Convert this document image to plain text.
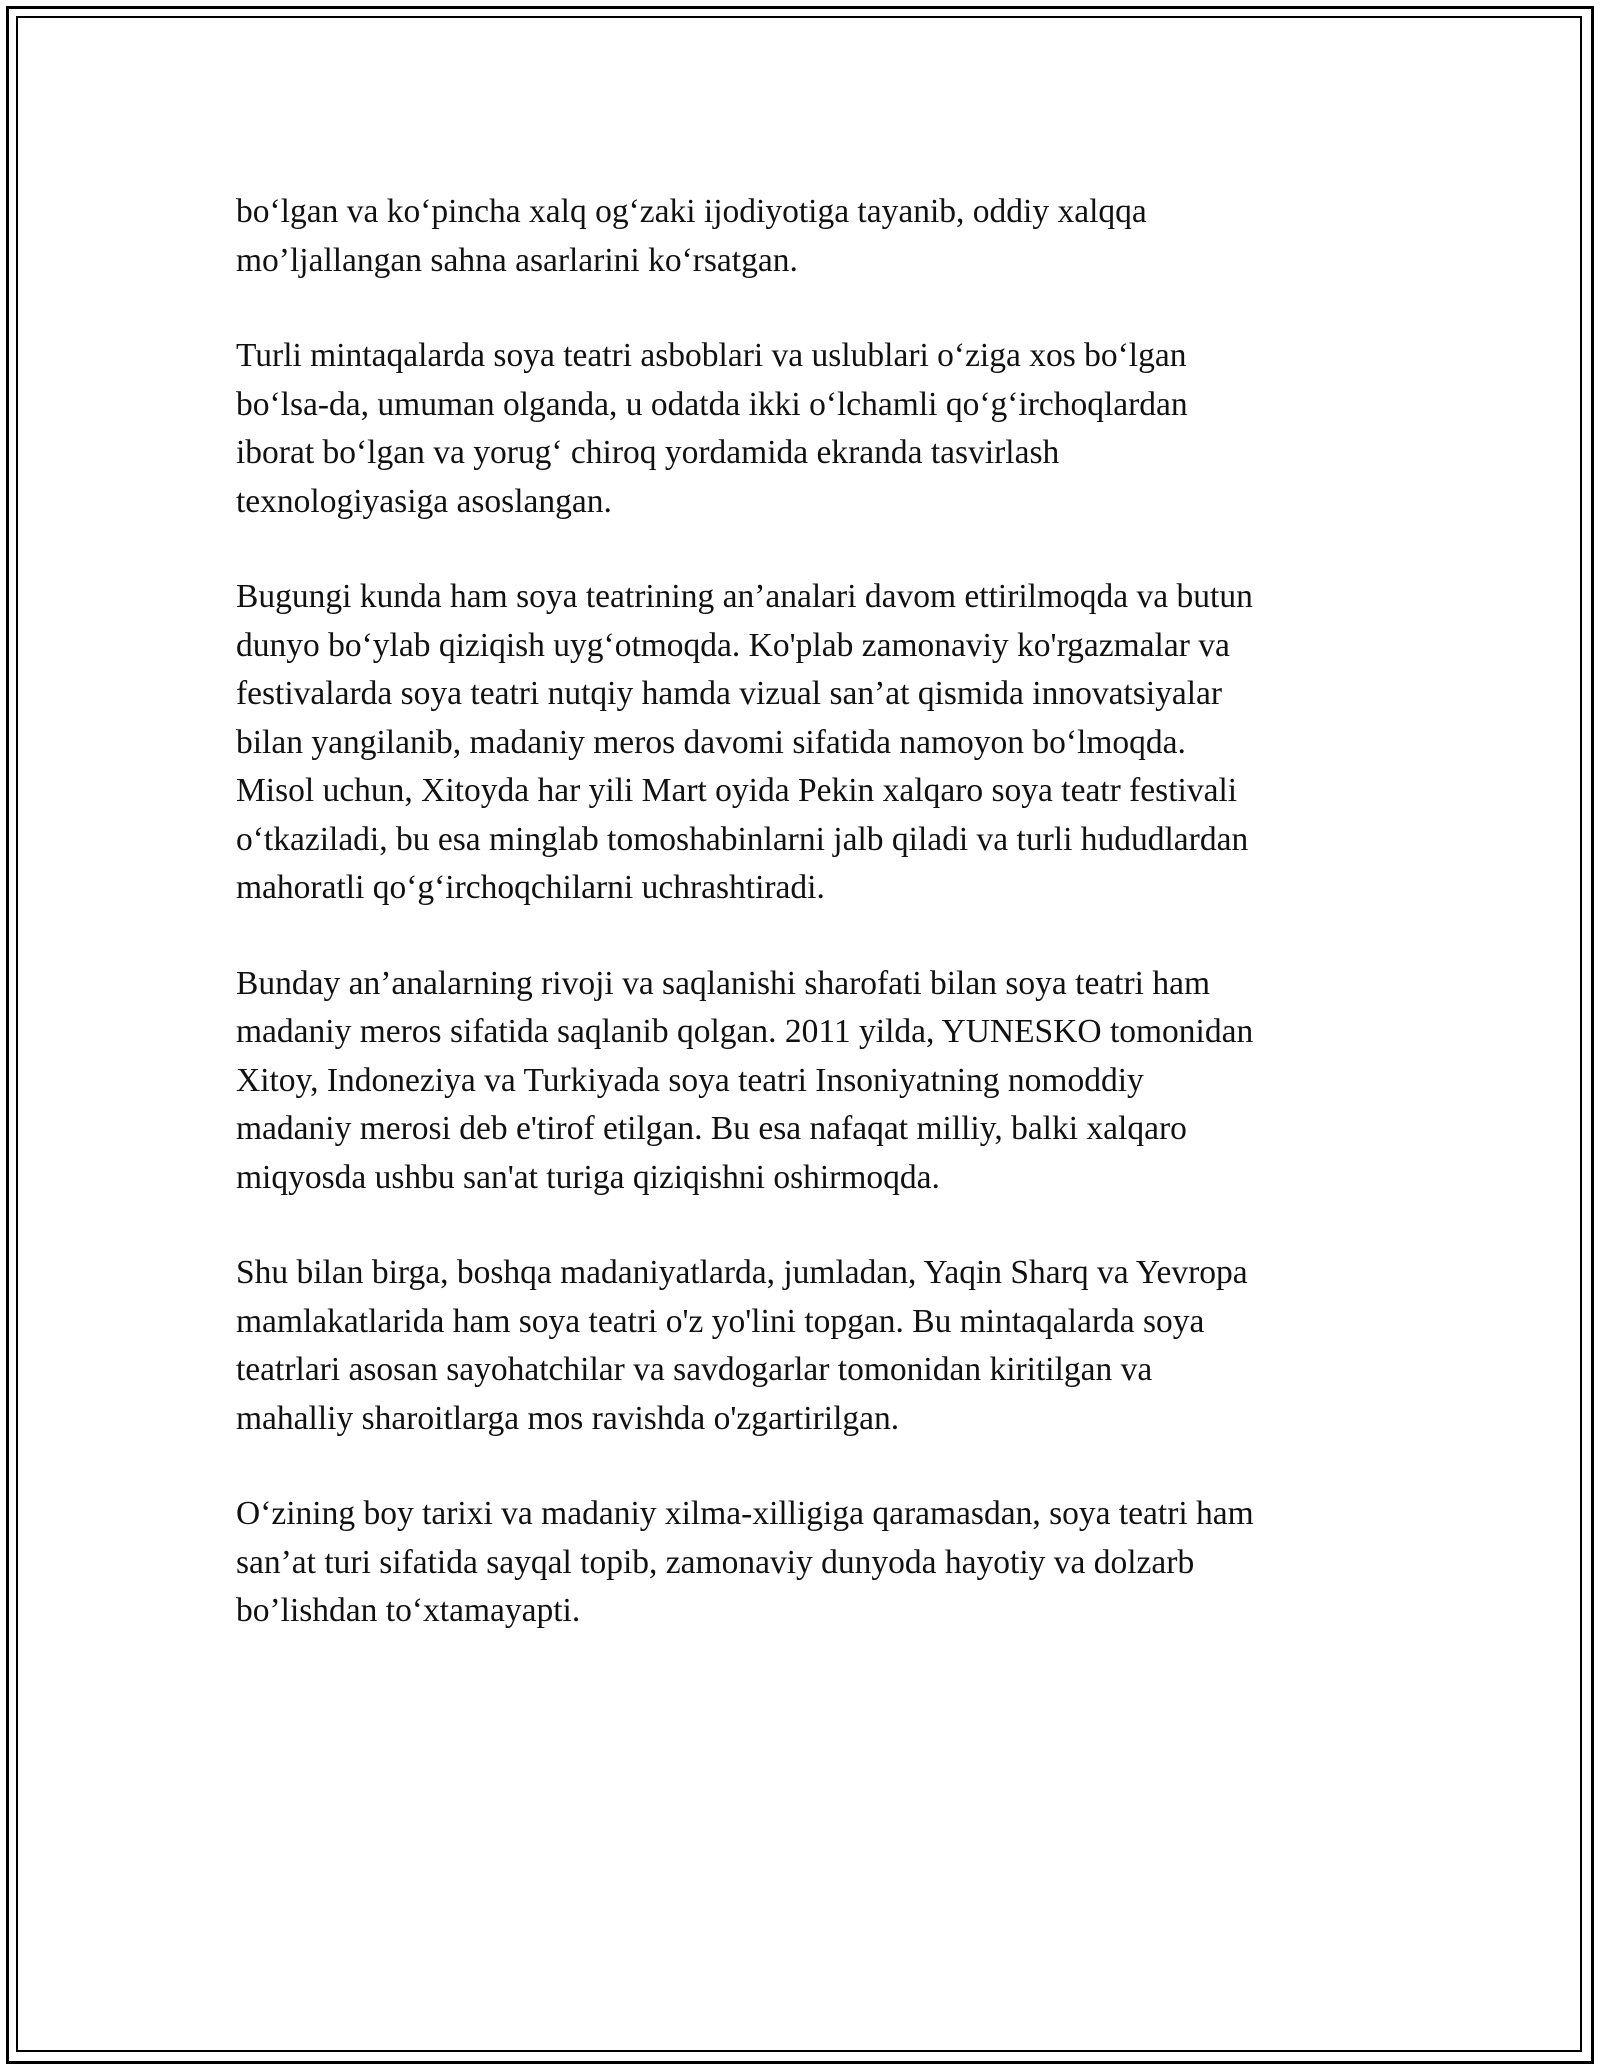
bo‘lgan va ko‘pincha xalq og‘zaki ijodiyotiga tayanib, oddiy xalqqa
mo’ljallangan sahna asarlarini ko‘rsatgan.

Turli mintaqalarda soya teatri asboblari va uslublari o‘ziga xos bo‘lgan
bo‘lsa-da, umuman olganda, u odatda ikki o‘lchamli qo‘g‘irchoqlardan
iborat bo‘lgan va yorug‘ chiroq yordamida ekranda tasvirlash
texnologiyasiga asoslangan.

Bugungi kunda ham soya teatrining an’analari davom ettirilmoqda va butun
dunyo bo‘ylab qiziqish uyg‘otmoqda. Ko'plab zamonaviy ko'rgazmalar va
festivalarda soya teatri nutqiy hamda vizual san’at qismida innovatsiyalar
bilan yangilanib, madaniy meros davomi sifatida namoyon bo‘lmoqda.
Misol uchun, Xitoyda har yili Mart oyida Pekin xalqaro soya teatr festivali
o‘tkaziladi, bu esa minglab tomoshabinlarni jalb qiladi va turli hududlardan
mahoratli qo‘g‘irchoqchilarni uchrashtiradi.

Bunday an’analarning rivoji va saqlanishi sharofati bilan soya teatri ham
madaniy meros sifatida saqlanib qolgan. 2011 yilda, YUNESKO tomonidan
Xitoy, Indoneziya va Turkiyada soya teatri Insoniyatning nomoddiy
madaniy merosi deb e'tirof etilgan. Bu esa nafaqat milliy, balki xalqaro
miqyosda ushbu san'at turiga qiziqishni oshirmoqda.

Shu bilan birga, boshqa madaniyatlarda, jumladan, Yaqin Sharq va Yevropa
mamlakatlarida ham soya teatri o'z yo'lini topgan. Bu mintaqalarda soya
teatrlari asosan sayohatchilar va savdogarlar tomonidan kiritilgan va
mahalliy sharoitlarga mos ravishda o'zgartirilgan.

O‘zining boy tarixi va madaniy xilma-xilligiga qaramasdan, soya teatri ham
san’at turi sifatida sayqal topib, zamonaviy dunyoda hayotiy va dolzarb
bo’lishdan to‘xtamayapti.
